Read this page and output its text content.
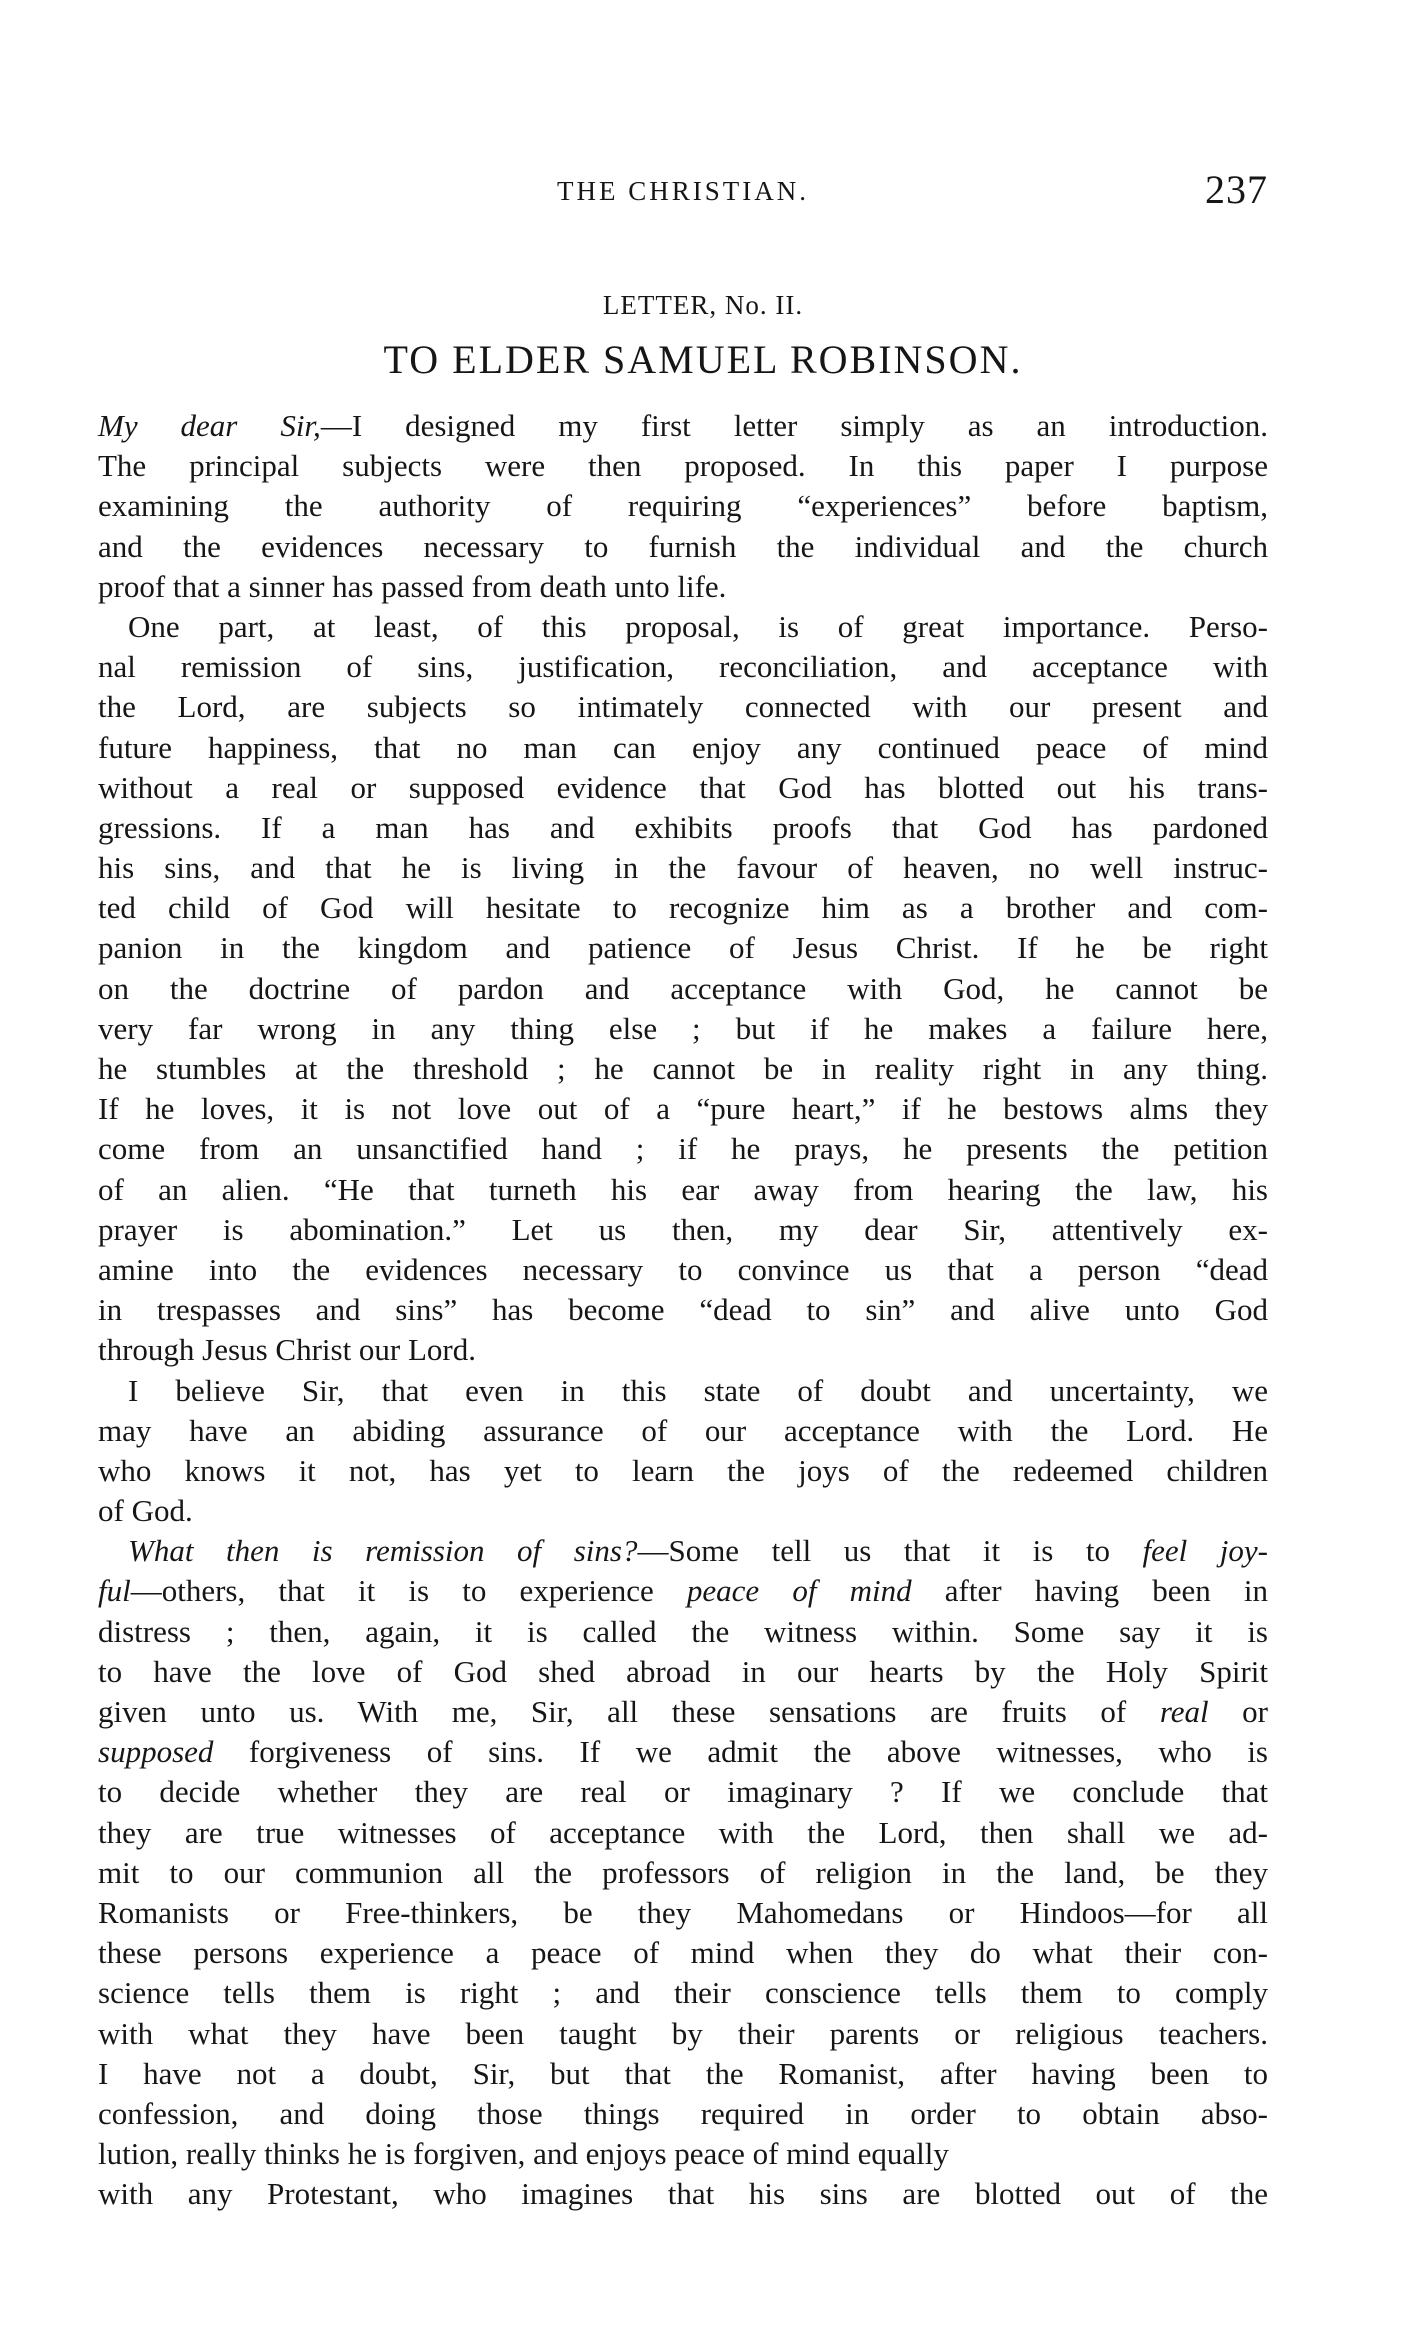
THE CHRISTIAN.	237
LETTER, No. II.
TO ELDER SAMUEL ROBINSON.
My dear Sir,—I designed my first letter simply as an introduction.
The principal subjects were then proposed. In this paper I purpose
examining the authority of requiring “experiences” before baptism,
and the evidences necessary to furnish the individual and the church
proof that a sinner has passed from death unto life.
One part, at least, of this proposal, is of great importance. Perso-
nal remission of sins, justification, reconciliation, and acceptance with
the Lord, are subjects so intimately connected with our present and
future happiness, that no man can enjoy any continued peace of mind
without a real or supposed evidence that God has blotted out his trans-
gressions. If a man has and exhibits proofs that God has pardoned
his sins, and that he is living in the favour of heaven, no well instruc-
ted child of God will hesitate to recognize him as a brother and com-
panion in the kingdom and patience of Jesus Christ. If he be right
on the doctrine of pardon and acceptance with God, he cannot be
very far wrong in any thing else ; but if he makes a failure here,
he stumbles at the threshold ; he cannot be in reality right in any thing.
If he loves, it is not love out of a “pure heart,” if he bestows alms they
come from an unsanctified hand ; if he prays, he presents the petition
of an alien. “He that turneth his ear away from hearing the law, his
prayer is abomination.” Let us then, my dear Sir, attentively ex-
amine into the evidences necessary to convince us that a person “dead
in trespasses and sins” has become “dead to sin” and alive unto God
through Jesus Christ our Lord.
I believe Sir, that even in this state of doubt and uncertainty, we
may have an abiding assurance of our acceptance with the Lord. He
who knows it not, has yet to learn the joys of the redeemed children
of God.
What then is remission of sins?—Some tell us that it is to feel joy-
ful—others, that it is to experience peace of mind after having been in
distress ; then, again, it is called the witness within. Some say it is
to have the love of God shed abroad in our hearts by the Holy Spirit
given unto us. With me, Sir, all these sensations are fruits of real or
supposed forgiveness of sins. If we admit the above witnesses, who is
to decide whether they are real or imaginary ? If we conclude that
they are true witnesses of acceptance with the Lord, then shall we ad-
mit to our communion all the professors of religion in the land, be they
Romanists or Free-thinkers, be they Mahomedans or Hindoos—for all
these persons experience a peace of mind when they do what their con-
science tells them is right ; and their conscience tells them to comply
with what they have been taught by their parents or religious teachers.
I have not a doubt, Sir, but that the Romanist, after having been to
confession, and doing those things required in order to obtain abso-
lution, really thinks he is forgiven, and enjoys peace of mind equally
with any Protestant, who imagines that his sins are blotted out of the
